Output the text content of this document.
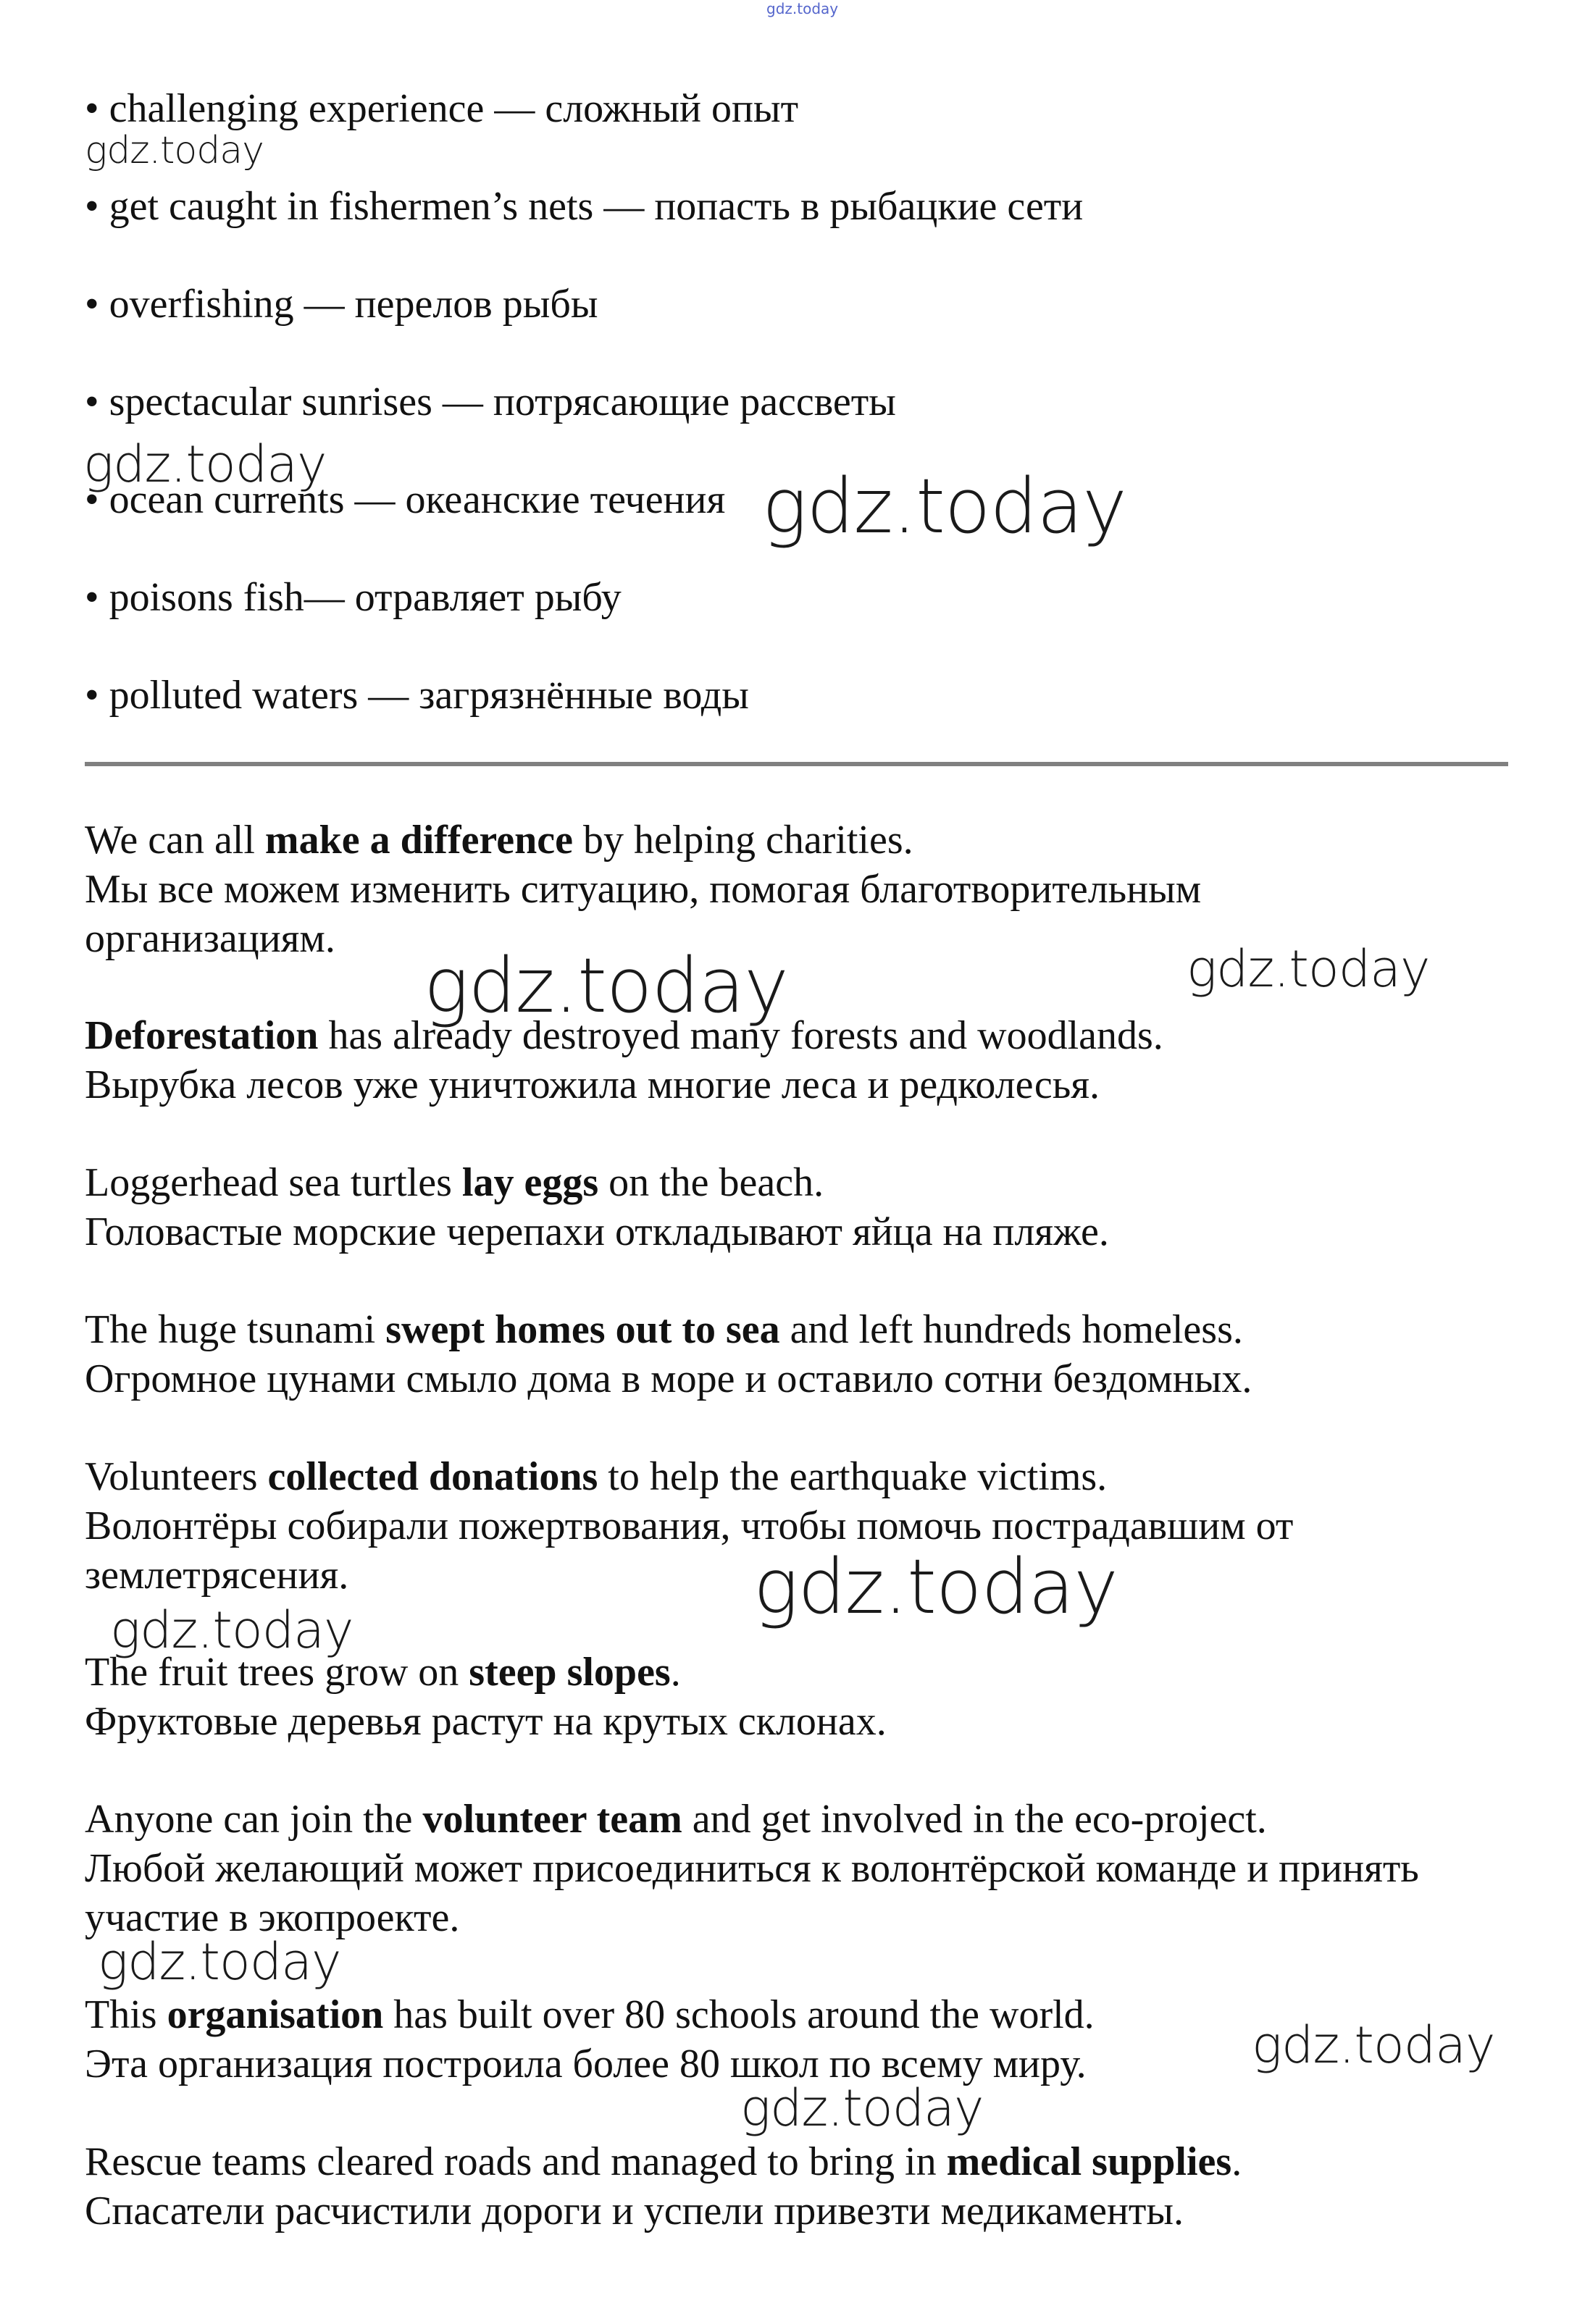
gdz.today
• challenging experience — сложный опыт
• get caught in fishermen’s nets — попасть в рыбацкие сети
• overfishing — перелов рыбы
• spectacular sunrises — потрясающие рассветы
• ocean currents — океанские течения
• poisons fish— отравляет рыбу
• polluted waters — загрязнённые воды
We can all make a difference by helping charities.
Мы все можем изменить ситуацию, помогая благотворительным
организациям.
Deforestation has already destroyed many forests and woodlands.
Вырубка лесов уже уничтожила многие леса и редколесья.
Loggerhead sea turtles lay eggs on the beach.
Головастые морские черепахи откладывают яйца на пляже.
The huge tsunami swept homes out to sea and left hundreds homeless.
Огромное цунами смыло дома в море и оставило сотни бездомных.
Volunteers collected donations to help the earthquake victims.
Волонтёры собирали пожертвования, чтобы помочь пострадавшим от
землетрясения.
The fruit trees grow on steep slopes.
Фруктовые деревья растут на крутых склонах.
Anyone can join the volunteer team and get involved in the eco-project.
Любой желающий может присоединиться к волонтёрской команде и принять
участие в экопроекте.
This organisation has built over 80 schools around the world.
Эта организация построила более 80 школ по всему миру.
Rescue teams cleared roads and managed to bring in medical supplies.
Спасатели расчистили дороги и успели привезти медикаменты.
gdz.today
gdz.today	gdz.today
gdz.today	gdz.today
gdz.today
gdz.today
gdz.today
gdz.today
gdz.today
